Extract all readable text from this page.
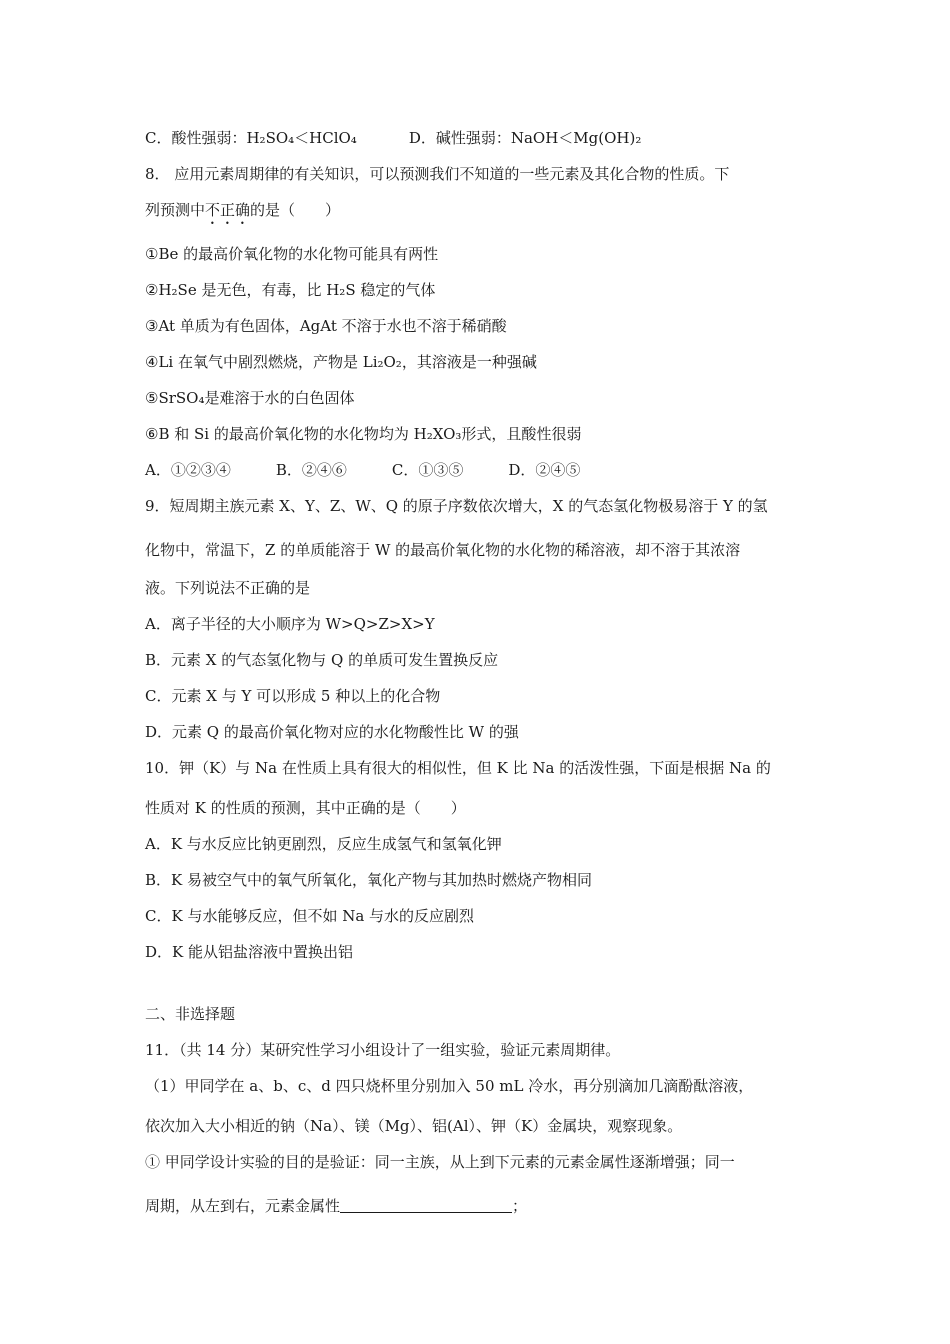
C．酸性强弱：H₂SO₄＜HClO₄	D．碱性强弱：NaOH＜Mg(OH)₂
8． 应用元素周期律的有关知识，可以预测我们不知道的一些元素及其化合物的性质。下
列预测中不正确的是（　　）
①Be 的最高价氧化物的水化物可能具有两性
②H₂Se 是无色，有毒，比 H₂S 稳定的气体
③At 单质为有色固体，AgAt 不溶于水也不溶于稀硝酸
④Li 在氧气中剧烈燃烧，产物是 Li₂O₂，其溶液是一种强碱
⑤SrSO₄是难溶于水的白色固体
⑥B 和 Si 的最高价氧化物的水化物均为 H₂XO₃形式，且酸性很弱
A．①②③④　　　B．②④⑥　　　C．①③⑤　　　D．②④⑤
9．短周期主族元素 X、Y、Z、W、Q 的原子序数依次增大，X 的气态氢化物极易溶于 Y 的氢
化物中，常温下，Z 的单质能溶于 W 的最高价氧化物的水化物的稀溶液，却不溶于其浓溶
液。下列说法不正确的是
A．离子半径的大小顺序为 W>Q>Z>X>Y
B．元素 X 的气态氢化物与 Q 的单质可发生置换反应
C．元素 X 与 Y 可以形成 5 种以上的化合物
D．元素 Q 的最高价氧化物对应的水化物酸性比 W 的强
10．钾（K）与 Na 在性质上具有很大的相似性，但 K 比 Na 的活泼性强，下面是根据 Na 的
性质对 K 的性质的预测，其中正确的是（　　）
A．K 与水反应比钠更剧烈，反应生成氢气和氢氧化钾
B．K 易被空气中的氧气所氧化，氧化产物与其加热时燃烧产物相同
C．K 与水能够反应，但不如 Na 与水的反应剧烈
D．K 能从铝盐溶液中置换出铝
二、非选择题
11．（共 14 分）某研究性学习小组设计了一组实验，验证元素周期律。
（1）甲同学在 a、b、c、d 四只烧杯里分别加入 50 mL 冷水，再分别滴加几滴酚酞溶液，
依次加入大小相近的钠（Na）、镁（Mg）、铝(Al）、钾（K）金属块，观察现象。
① 甲同学设计实验的目的是验证：同一主族，从上到下元素的元素金属性逐渐增强；同一
周期，从左到右，元素金属性	；
